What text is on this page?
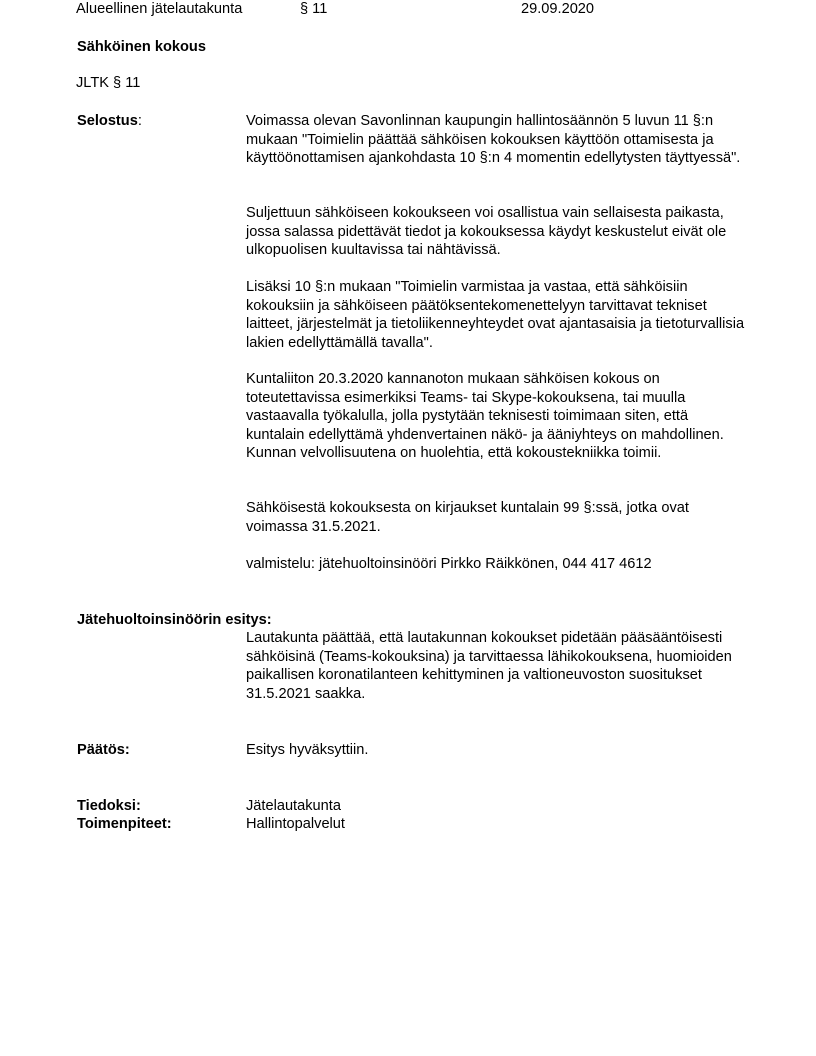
Alueellinen jätelautakunta	§ 11	29.09.2020
Sähköinen kokous
JLTK § 11
Selostus:	Voimassa olevan Savonlinnan kaupungin hallintosäännön 5 luvun 11 §:n mukaan "Toimielin päättää sähköisen kokouksen käyttöön ottamisesta ja käyttöönottamisen ajankohdasta 10 §:n 4 momentin edellytysten täyttyessä".

Suljettuun sähköiseen kokoukseen voi osallistua vain sellaisesta paikasta, jossa salassa pidettävät tiedot ja kokouksessa käydyt keskustelut eivät ole ulkopuolisen kuultavissa tai nähtävissä.

Lisäksi 10 §:n mukaan "Toimielin varmistaa ja vastaa, että sähköisiin kokouksiin ja sähköiseen päätöksentekomenettelyyn tarvittavat tekniset laitteet, järjestelmät ja tietoliikenneyhteydet ovat ajantasaisia ja tietoturvallisia lakien edellyttämällä tavalla".

Kuntaliiton 20.3.2020 kannanoton mukaan sähköisen kokous on toteutettavissa esimerkiksi Teams- tai Skype-kokouksena, tai muulla vastaavalla työkalulla, jolla pystytään teknisesti toimimaan siten, että kuntalain edellyttämä yhdenvertainen näkö- ja ääniyhteys on mahdollinen. Kunnan velvollisuutena on huolehtia, että kokoustekniikka toimii.

Sähköisestä kokouksesta on kirjaukset kuntalain 99 §:ssä, jotka ovat voimassa 31.5.2021.

valmistelu: jätehuoltoinsinööri Pirkko Räikkönen, 044 417 4612

Jätehuoltoinsinöörin esitys:

Lautakunta päättää, että lautakunnan kokoukset pidetään pääsääntöisesti sähköisinä (Teams-kokouksina) ja tarvittaessa lähikokouksena, huomioiden paikallisen koronatilanteen kehittyminen ja valtioneuvoston suositukset 31.5.2021 saakka.

Päätös:	Esitys hyväksyttiin.
Tiedoksi:	Jätelautakunta
Toimenpiteet:	Hallintopalvelut
